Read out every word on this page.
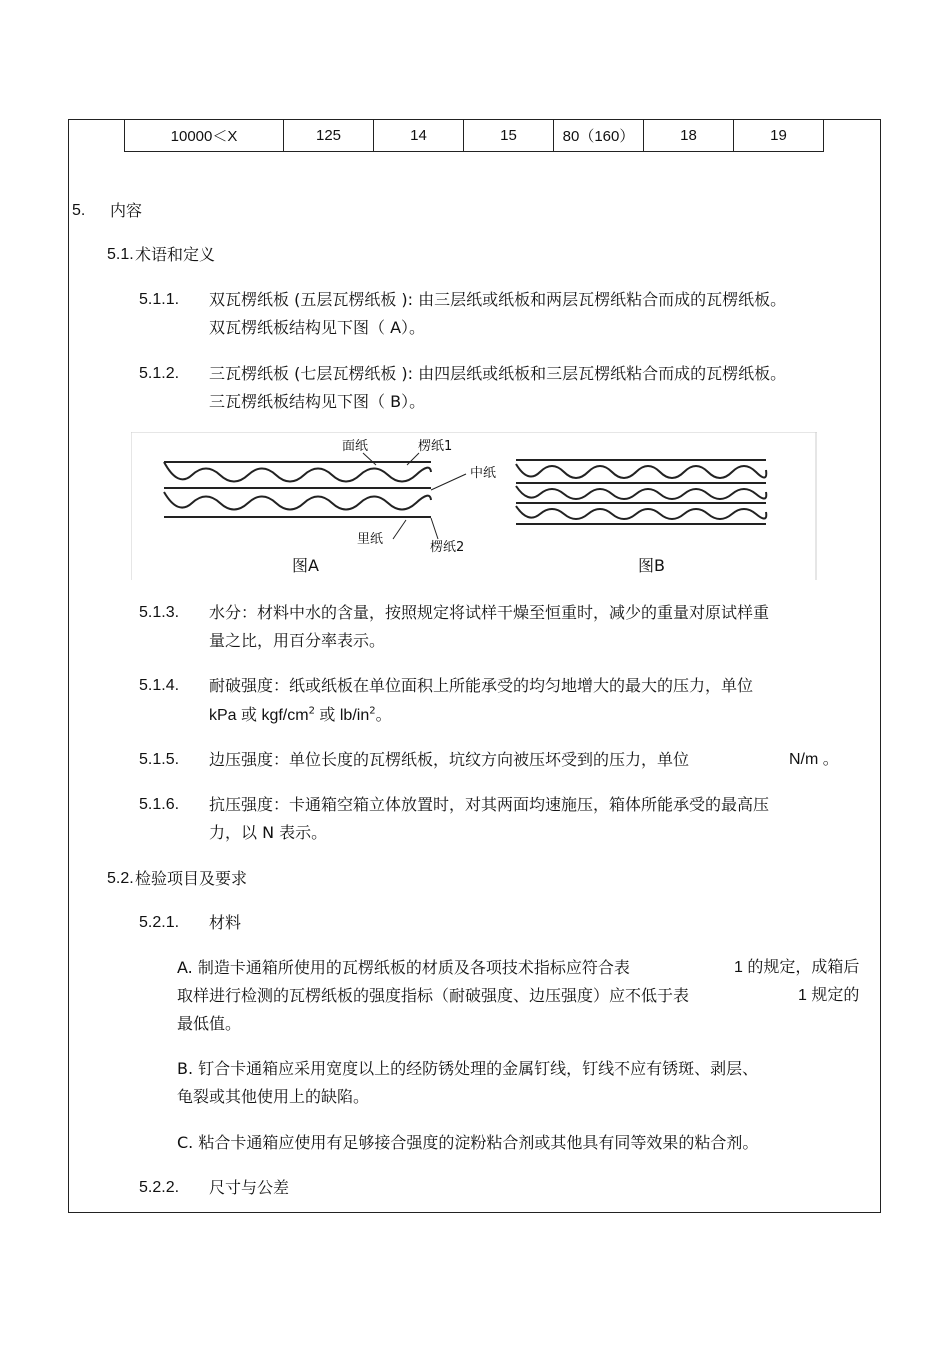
10000＜X	125	14	15	80（160）	18	19
5. 内容
5.1. 术语和定义
5.1.1. 双瓦楞纸板 (五层瓦楞纸板 ): 由三层纸或纸板和两层瓦楞纸粘合而成的瓦楞纸板。
双瓦楞纸板结构见下图（ A）。
5.1.2. 三瓦楞纸板 (七层瓦楞纸板 ): 由四层纸或纸板和三层瓦楞纸粘合而成的瓦楞纸板。
三瓦楞纸板结构见下图（ B）。
面纸	楞纸1
中纸
里纸
楞纸2
图A	图B
5.1.3. 水分：材料中水的含量，按照规定将试样干燥至恒重时，减少的重量对原试样重
量之比，用百分率表示。
5.1.4. 耐破强度：纸或纸板在单位面积上所能承受的均匀地增大的最大的压力，单位
kPa 或 kgf/$cm^2$ 或 $lb/in^2$。
5.1.5. 边压强度：单位长度的瓦楞纸板，坑纹方向被压坏受到的压力，单位	N/m 。
5.1.6. 抗压强度：卡通箱空箱立体放置时，对其两面均速施压，箱体所能承受的最高压
力，以 N 表示。
5.2. 检验项目及要求
5.2.1. 材料
A. 制造卡通箱所使用的瓦楞纸板的材质及各项技术指标应符合表	1 的规定，成箱后
取样进行检测的瓦楞纸板的强度指标（耐破强度、边压强度）应不低于表	1 规定的
最低值。
B. 钉合卡通箱应采用宽度以上的经防锈处理的金属钉线，钉线不应有锈斑、剥层、
龟裂或其他使用上的缺陷。
C. 粘合卡通箱应使用有足够接合强度的淀粉粘合剂或其他具有同等效果的粘合剂。
5.2.2. 尺寸与公差
